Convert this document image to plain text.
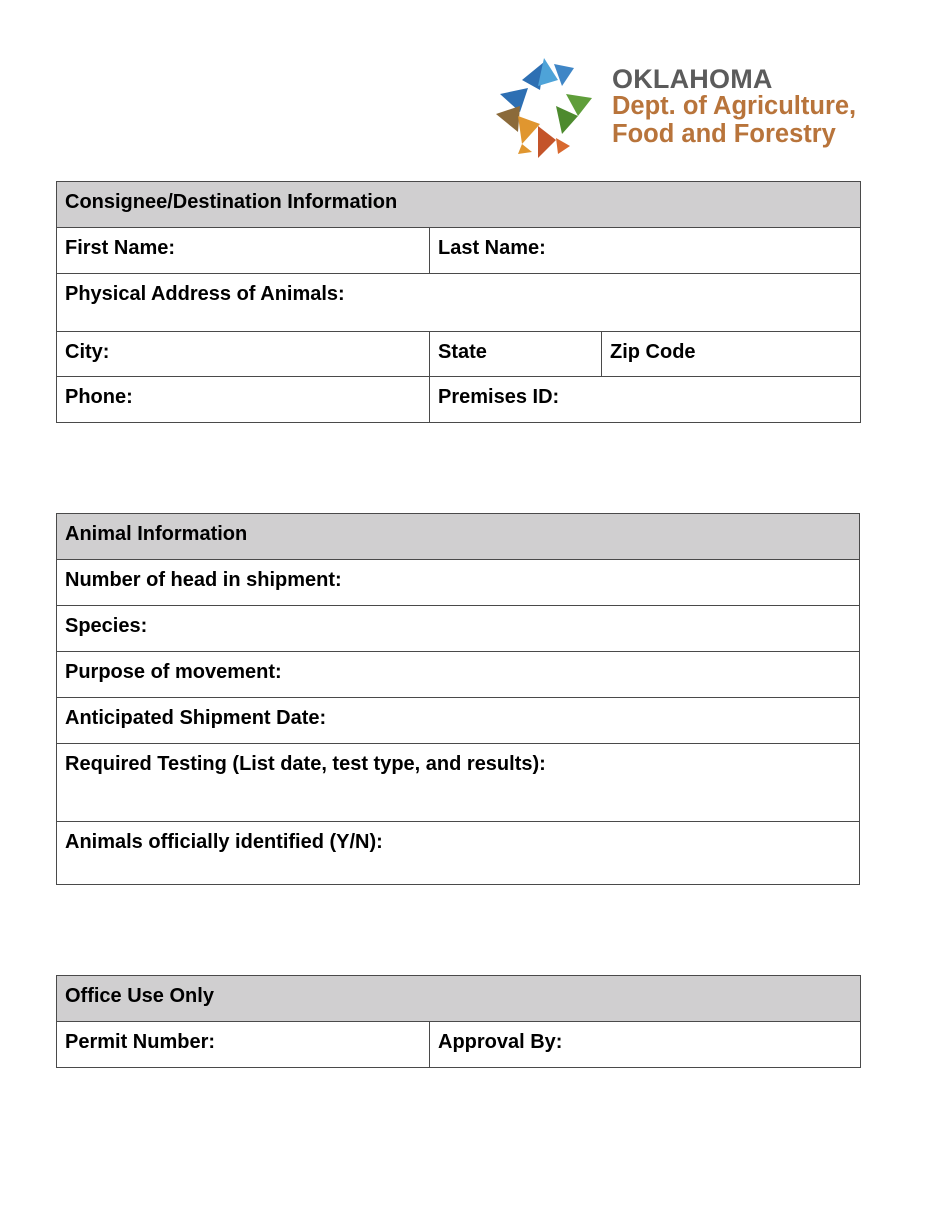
OKLAHOMA
Dept. of Agriculture,
Food and Forestry
Consignee/Destination Information		
First Name:	Last Name:	
Physical Address of Animals:		
City:	State	Zip Code
Phone:	Premises ID:	
Animal Information
Number of head in shipment:
Species:
Purpose of movement:
Anticipated Shipment Date:
Required Testing (List date, test type, and results):
Animals officially identified (Y/N):
Office Use Only
Permit Number:	Approval By:
